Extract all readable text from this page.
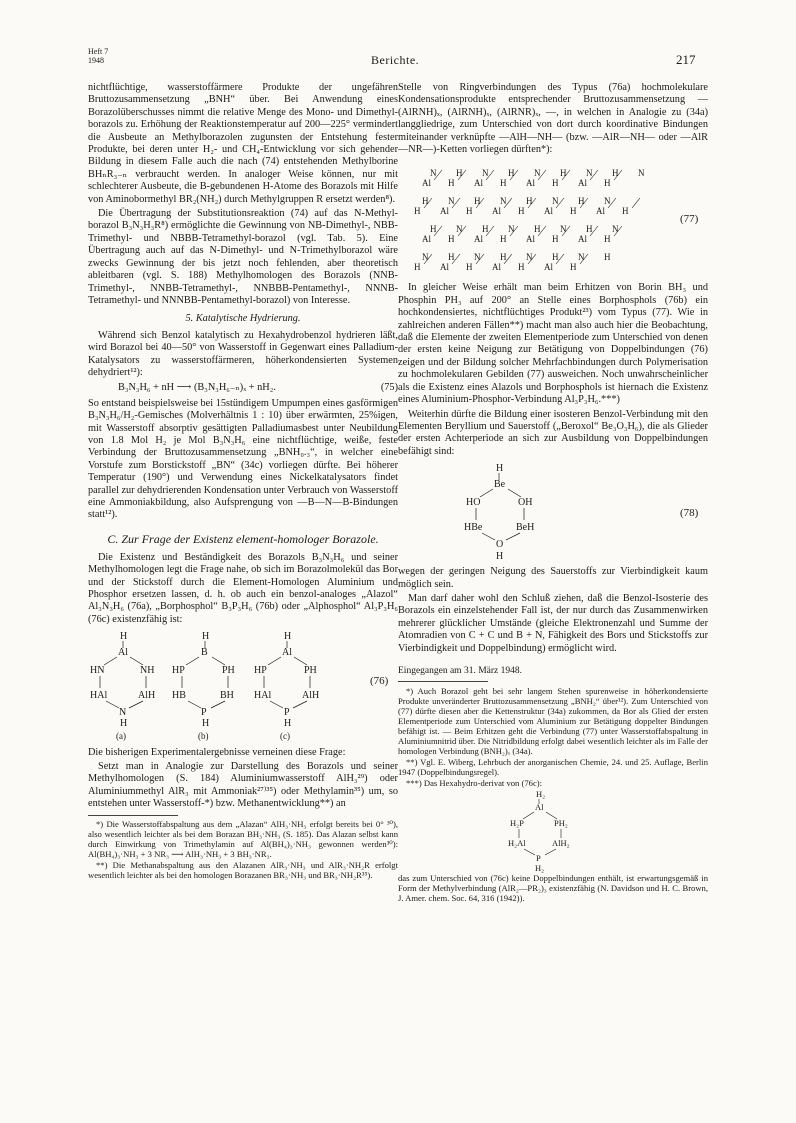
Heft 7
1948	Berichte.	217

nichtflüchtige, wasserstoffärmere Produkte der ungefähren Bruttozusammensetzung „BNH“ über. Bei Anwendung eines Borazolüberschusses nimmt die relative Menge des Mono- und Dimethyl-borazols zu. Erhöhung der Reaktionstemperatur auf 200—225° vermindert die Ausbeute an Methylborazolen zugunsten der Entstehung fester Produkte, bei deren unter H₂- und CH₄-Entwicklung vor sich gehender Bildung in diesem Falle auch die nach (74) entstehenden Methylborine BHₙR₃₋ₙ verbraucht werden. In analoger Weise können, nur mit schlechterer Ausbeute, die B-gebundenen H-Atome des Borazols mit Hilfe von Aminobormethyl BR₂(NH₂) durch Methylgruppen R ersetzt werden⁸).

Die Übertragung der Substitutionsreaktion (74) auf das N-Methyl-borazol B₃N₃H₃R⁸) ermöglichte die Gewinnung von NB-Dimethyl-, NBB-Trimethyl- und NBBB-Tetramethyl-borazol (vgl. Tab. 5). Eine Übertragung auch auf das N-Dimethyl- und N-Trimethylborazol wäre zwecks Gewinnung der bis jetzt noch fehlenden, aber theoretisch ableitbaren (vgl. S. 188) Methylhomologen des Borazols (NNB-Trimethyl-, NNBB-Tetramethyl-, NNBBB-Pentamethyl-, NNNB-Tetramethyl- und NNNBB-Pentamethyl-borazol) von Interesse.

5. Katalytische Hydrierung.

Während sich Benzol katalytisch zu Hexahydrobenzol hydrieren läßt, wird Borazol bei 40—50° von Wasserstoff in Gegenwart eines Palladium-Katalysators zu wasserstoffärmeren, höherkondensierten Systemen dehydriert¹²):

B₃N₃H₆ + nH ⟶ (B₃N₃H₆₋ₙ)ₓ + nH₂.	(75)

So entstand beispielsweise bei 15stündigem Umpumpen eines gasförmigen B₃N₃H₆/H₂-Gemisches (Molverhältnis 1 : 10) über erwärmten, 25%igen, mit Wasserstoff absorptiv gesättigten Palladiumasbest unter Neubildung von 1.8 Mol H₂ je Mol B₃N₃H₆ eine nichtflüchtige, weiße, feste Verbindung der Bruttozusammensetzung „BNH₀.₃“, in welcher eine Vorstufe zum Borstickstoff „BN“ (34c) vorliegen dürfte. Bei höherer Temperatur (190°) und Verwendung eines Nickelkatalysators findet parallel zur dehydrierenden Kondensation unter Verbrauch von Wasserstoff eine Ammoniakbildung, also Aufsprengung von —B—N—B-Bindungen statt¹²).

C. Zur Frage der Existenz element-homologer Borazole.

Die Existenz und Beständigkeit des Borazols B₃N₃H₆ und seiner Methylhomologen legt die Frage nahe, ob sich im Borazolmolekül das Bor und der Stickstoff durch die Element-Homologen Aluminium und Phosphor ersetzen lassen, d. h. ob auch ein benzol-analoges „Alazol“ Al₃N₃H₆ (76a), „Borphosphol“ B₃P₃H₆ (76b) oder „Alphosphol“ Al₃P₃H₆ (76c) existenzfähig ist:

H
Al
HN	NH
HAl	AlH
N
H
H
B
HP	PH
HB	BH
P
H
H
Al
HP	PH
HAl	AlH
P
H
(76)
(a)	(b)	(c)

Die bisherigen Experimentalergebnisse verneinen diese Frage:

Setzt man in Analogie zur Darstellung des Borazols und seiner Methylhomologen (S. 184) Aluminiumwasserstoff AlH₃²⁹) oder Aluminiummethyl AlR₃ mit Ammoniak²⁷⁾³⁵) oder Methylamin³⁵) um, so entstehen unter Wasserstoff-*) bzw. Methanentwicklung**) an

*) Die Wasserstoffabspaltung aus dem „Alazan“ AlH₃·NH₃ erfolgt bereits bei 0° ³⁰), also wesentlich leichter als bei dem Borazan BH₃·NH₃ (S. 185). Das Alazan selbst kann durch Einwirkung von Trimethylamin auf Al(BH₄)₃·NH₃ gewonnen werden³⁰): Al(BH₄)₃·NH₃ + 3 NR₃ ⟶ AlH₃·NH₃ + 3 BH₃·NR₃.

**) Die Methanabspaltung aus den Alazanen AlR₃·NH₃ und AlR₃·NH₂R erfolgt wesentlich leichter als bei den homologen Borazanen BR₃·NH₃ und BR₃·NH₂R³⁵).

Stelle von Ringverbindungen des Typus (76a) hochmolekulare Kondensationsprodukte entsprechender Bruttozusammensetzung — (AlRNH)ₓ, (AlRNH)ₓ, (AlRNR)ₓ, —, in welchen in Analogie zu (34a) langgliedrige, zum Unterschied von dort durch koordinative Bindungen miteinander verknüpfte —AlH—NH— (bzw. —AlR—NH— oder —AlR—NR—)-Ketten vorliegen dürften*):

N H N H N H N H N
Al H Al H Al H Al H
H N H N H N H N
H Al H Al H Al H Al H
H N H N H N H N
Al H Al H Al H Al H
N H N H N H N H
H Al H Al H Al H
(77)

In gleicher Weise erhält man beim Erhitzen von Borin BH₃ und Phosphin PH₃ auf 200° an Stelle eines Borphosphols (76b) ein hochkondensiertes, nichtflüchtiges Produkt²³) vom Typus (77). Wie in zahlreichen anderen Fällen**) macht man also auch hier die Beobachtung, daß die Elemente der zweiten Elementperiode zum Unterschied von denen der ersten keine Neigung zur Betätigung von Doppelbindungen (76) zeigen und der Bildung solcher Mehrfachbindungen durch Polymerisation zu hochmolekularen Gebilden (77) ausweichen. Noch unwahrscheinlicher als die Existenz eines Alazols und Borphosphols ist hiernach die Existenz eines Aluminium-Phosphor-Verbindung Al₃P₃H₆.***)

Weiterhin dürfte die Bildung einer isosteren Benzol-Verbindung mit den Elementen Beryllium und Sauerstoff („Beroxol“ Be₃O₃H₆), die als Glieder der ersten Achterperiode an sich zur Ausbildung von Doppelbindungen befähigt sind:

H
Be
HO	OH
HBe	BeH
O
H
(78)

wegen der geringen Neigung des Sauerstoffs zur Vierbindigkeit kaum möglich sein.

Man darf daher wohl den Schluß ziehen, daß die Benzol-Isosterie des Borazols ein einzelstehender Fall ist, der nur durch das Zusammenwirken mehrerer glücklicher Umstände (gleiche Elektronenzahl und Summe der Atomradien von C + C und B + N, Fähigkeit des Bors und Stickstoffs zur Vierbindigkeit und Doppelbindung) ermöglicht wird.

Eingegangen am 31. März 1948.

*) Auch Borazol geht bei sehr langem Stehen spurenweise in höherkondensierte Produkte unveränderter Bruttozusammensetzung „BNH₂“ über¹²). Zum Unterschied von (77) dürfte diesen aber die Kettenstruktur (34a) zukommen, da Bor als Glied der ersten Elementperiode zum Unterschied vom Aluminium zur Betätigung doppelter Bindungen befähigt ist. — Beim Erhitzen geht die Verbindung (77) unter Wasserstoffabspaltung in Aluminiumnitrid über. Die Nitridbildung erfolgt dabei wesentlich leichter als im Falle der homologen Verbindung (BNH₂)ₓ (34a).

**) Vgl. E. Wiberg, Lehrbuch der anorganischen Chemie, 24. und 25. Auflage, Berlin 1947 (Doppelbindungsregel).

***) Das Hexahydro-derivat von (76c):

H₂
Al
H₂P	PH₂
H₂Al	AlH₂
P
H₂

das zum Unterschied von (76c) keine Doppelbindungen enthält, ist erwartungsgemäß in Form der Methylverbindung (AlR₂—PR₂)₃ existenzfähig (N. Davidson und H. C. Brown, J. Amer. chem. Soc. 64, 316 (1942)).
